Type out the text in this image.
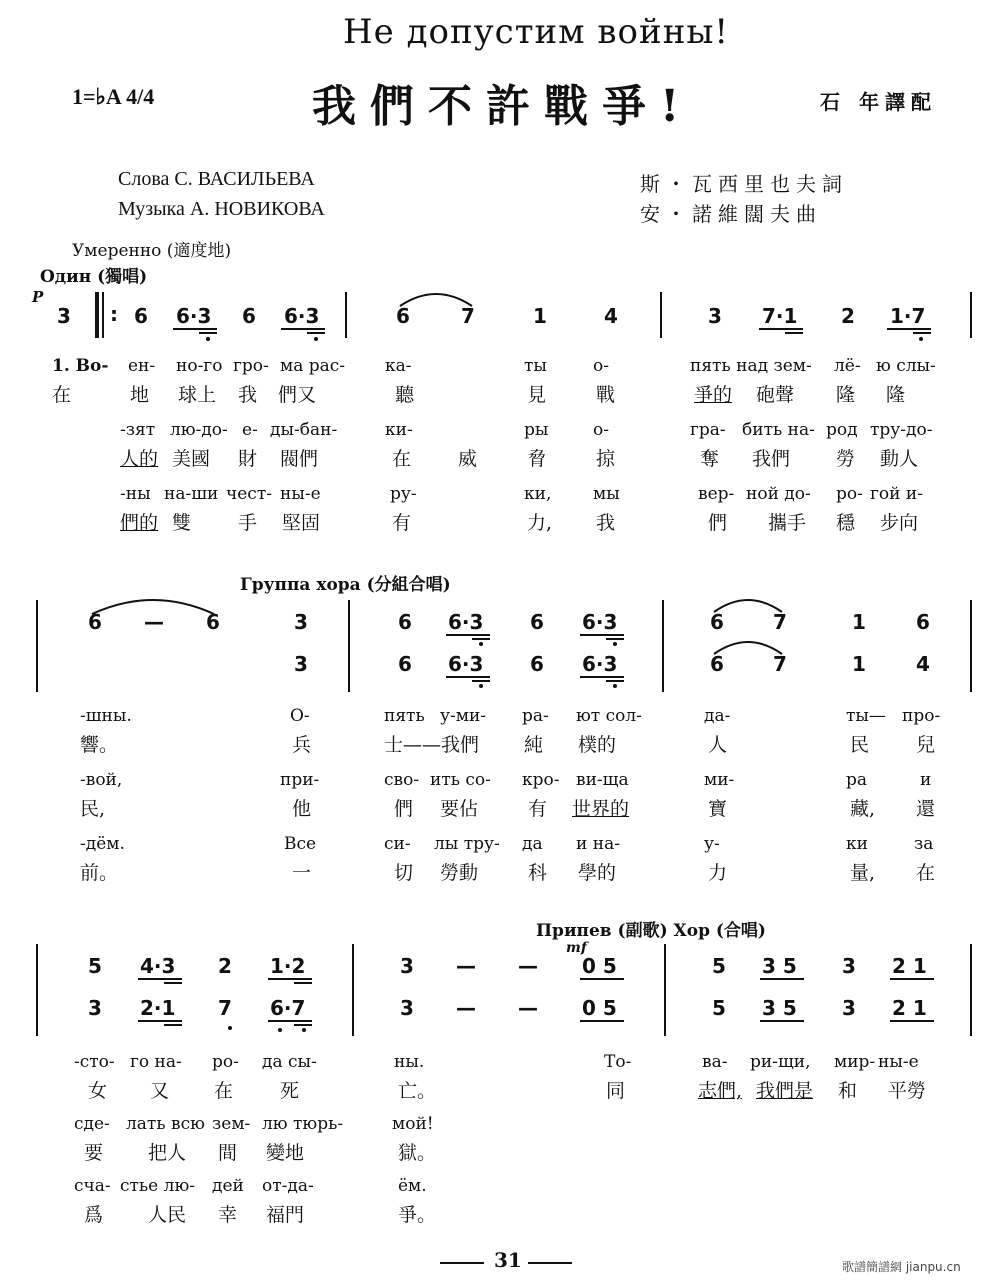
Не допустим войны!
我們不許戰爭!
1=♭A 4/4	石 年譯配
Слова С. ВАСИЛЬЕВА
Музыка А. НОВИКОВА
斯・瓦西里也夫詞
安・諾維闊夫曲
Умеренно (適度地)
Один (獨唱)
P
3 : 6 6·3 6 6·3	6	7	1	4	3 7·1 2 1·7
1. Во- ен- но-го гро- ма рас- ка-	ты	о-	пять над зем- лё- ю слы-
在	地 球上 我 們又	聽	見	戰	爭的 砲聲 隆 隆
-зят лю-до- е- ды-бан-	ки-	ры	о-	гра- бить на- род тру-до-
人的 美國 財 閥們	在 威	脅	掠	奪 我們 勞 動人
-ны на-ши чест- ны-е	ру-	ки, мы	вер- ной до- ро- гой и-
們的 雙 手 堅固	有	力, 我	們 攜手 穩 步向
Группа хора (分組合唱)
6 — 6	3	6 6·3 6 6·3	6 7	1	6
3	6 6·3 6 6·3	6 7	1	4
-шны.	О-	пять у-ми- ра- ют сол-	да-	ты— про-
響。	兵	士——我們 純 樸的	人	民 兒
-вой,	при-	сво- ить со- кро- ви-ща	ми-	ра	и
民,	他	們 要佔	有 世界的	寶	藏, 還
-дём.	Все	си- лы тру- да и на-	у-	ки	за
前。	一	切 勞動	科 學的	力	量, 在
Припев (副歌) Хор (合唱)
mf
5 4·3 2 1·2	3 — — 0 5	5 3 5 3 2 1
3 2·1 7 6·7	3 — — 0 5	5 3 5 3 2 1
-сто- го на- ро- да сы-	ны.	То-	ва- ри-щи, мир- ны-е
女 又 在 死	亡。	同	志們, 我們是 和 平勞
сде- лать всю зем- лю тюрь-	мой!
要 把人 間 變地	獄。
сча- стье лю- дей от-да-	ём.
爲 人民 幸 福門	爭。
31	歌譜簡譜網 jianpu.cn
